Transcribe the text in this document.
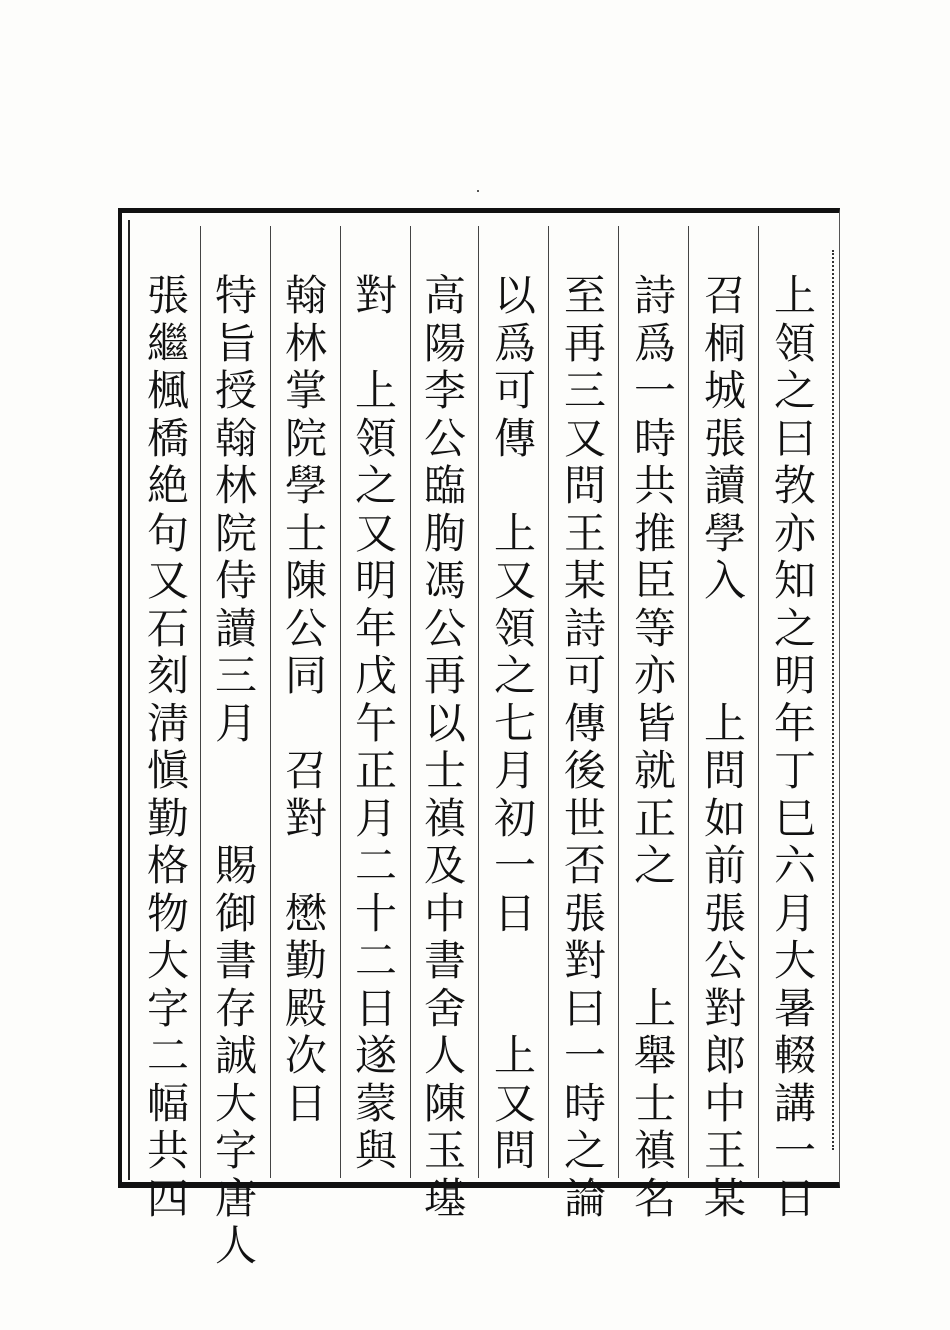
上
領
之
曰
㪍
亦
知
之
明
年
丁
巳
六
月
大
暑
輟
講
一
日
召
桐
城
張
讀
學
入
上
問
如
前
張
公
對
郎
中
王
某
詩
爲
一
時
共
推
臣
等
亦
皆
就
正
之
上
舉
士
禛
名
至
再
三
又
問
王
某
詩
可
傳
後
世
否
張
對
曰
一
時
之
論
以
爲
可
傳
上
又
領
之
七
月
初
一
日
上
又
問
高
陽
李
公
臨
朐
馮
公
再
以
士
禛
及
中
書
舍
人
陳
玉
璂
對
上
領
之
又
明
年
戊
午
正
月
二
十
二
日
遂
蒙
與
翰
林
掌
院
學
士
陳
公
同
召
對
懋
勤
殿
次
日
特
旨
授
翰
林
院
侍
讀
三
月
賜
御
書
存
誠
大
字
唐
人
張
繼
楓
橋
絶
句
又
石
刻
淸
愼
勤
格
物
大
字
二
幅
共
四
